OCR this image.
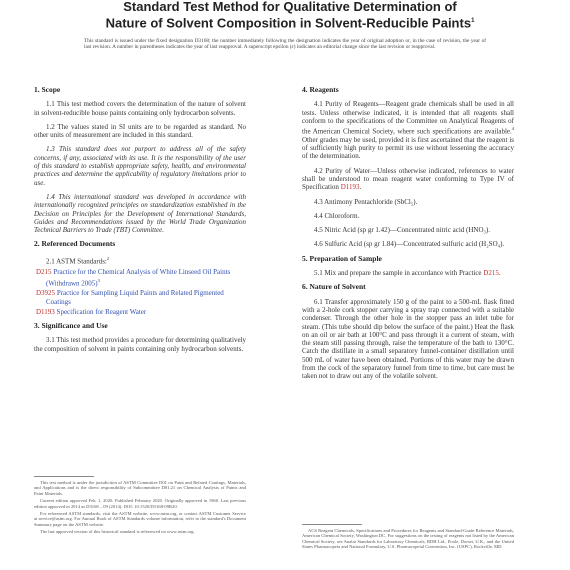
Standard Test Method for Qualitative Determination of
Nature of Solvent Composition in Solvent-Reducible Paints$^1$
This standard is issued under the fixed designation D3168; the number immediately following the designation indicates the year of original adoption or, in the case of revision, the year of last revision. A number in parentheses indicates the year of last reapproval. A superscript epsilon (ε) indicates an editorial change since the last revision or reapproval.
1. Scope

1.1 This test method covers the determination of the nature of solvent in solvent-reducible house paints containing only hydrocarbon solvents.

1.2 The values stated in SI units are to be regarded as standard. No other units of measurement are included in this standard.

1.3 This standard does not purport to address all of the safety concerns, if any, associated with its use. It is the responsibility of the user of this standard to establish appropriate safety, health, and environmental practices and determine the applicability of regulatory limitations prior to use.

1.4 This international standard was developed in accordance with internationally recognized principles on standardization established in the Decision on Principles for the Development of International Standards, Guides and Recommendations issued by the World Trade Organization Technical Barriers to Trade (TBT) Committee.

2. Referenced Documents

2.1 ASTM Standards:$^2$

D215 Practice for the Chemical Analysis of White Linseed Oil Paints (Withdrawn 2005)$^3$
D3925 Practice for Sampling Liquid Paints and Related Pigmented Coatings
D1193 Specification for Reagent Water
3. Significance and Use

3.1 This test method provides a procedure for determining qualitatively the composition of solvent in paints containing only hydrocarbon solvents.

This test method is under the jurisdiction of ASTM Committee D01 on Paint and Related Coatings, Materials, and Applications and is the direct responsibility of Subcommittee D01.21 on Chemical Analysis of Paints and Paint Materials.

Current edition approved Feb. 1, 2020. Published February 2020. Originally approved in 1960. Last previous edition approved in 2014 as D3168 – 09 (2014). DOI: 10.1520/D3168-09R20.

For referenced ASTM standards, visit the ASTM website, www.astm.org, or contact ASTM Customer Service at service@astm.org. For Annual Book of ASTM Standards volume information, refer to the standard's Document Summary page on the ASTM website.

The last approved version of this historical standard is referenced on www.astm.org.

4. Reagents

4.1 Purity of Reagents—Reagent grade chemicals shall be used in all tests. Unless otherwise indicated, it is intended that all reagents shall conform to the specifications of the Committee on Analytical Reagents of the American Chemical Society, where such specifications are available.$^4$ Other grades may be used, provided it is first ascertained that the reagent is of sufficiently high purity to permit its use without lessening the accuracy of the determination.

4.2 Purity of Water—Unless otherwise indicated, references to water shall be understood to mean reagent water conforming to Type IV of Specification D1193.

4.3 Antimony Pentachloride (SbCl₅).

4.4 Chloroform.

4.5 Nitric Acid (sp gr 1.42)—Concentrated nitric acid (HNO₃).

4.6 Sulfuric Acid (sp gr 1.84)—Concentrated sulfuric acid (H₂SO₄).

5. Preparation of Sample

5.1 Mix and prepare the sample in accordance with Practice D215.

6. Nature of Solvent

6.1 Transfer approximately 150 g of the paint to a 500-mL flask fitted with a 2-hole cork stopper carrying a spray trap connected with a suitable condenser. Through the other hole in the stopper pass an inlet tube for steam. (This tube should dip below the surface of the paint.) Heat the flask on an oil or air bath at 100°C and pass through it a current of steam, with the steam still passing through, raise the temperature of the bath to 130°C. Catch the distillate in a small separatory funnel-container distillation until 500 mL of water have been obtained. Portions of this water may be drawn from the cock of the separatory funnel from time to time, but care must be taken not to draw out any of the volatile solvent.

ACS Reagent Chemicals, Specifications and Procedures for Reagents and Standard-Grade Reference Materials, American Chemical Society, Washington DC. For suggestions on the testing of reagents not listed by the American Chemical Society, see Analar Standards for Laboratory Chemicals, BDH Ltd., Poole, Dorset, U.K., and the United States Pharmacopeia and National Formulary, U.S. Pharmacopeial Convention, Inc. (USPC), Rockville, MD.
